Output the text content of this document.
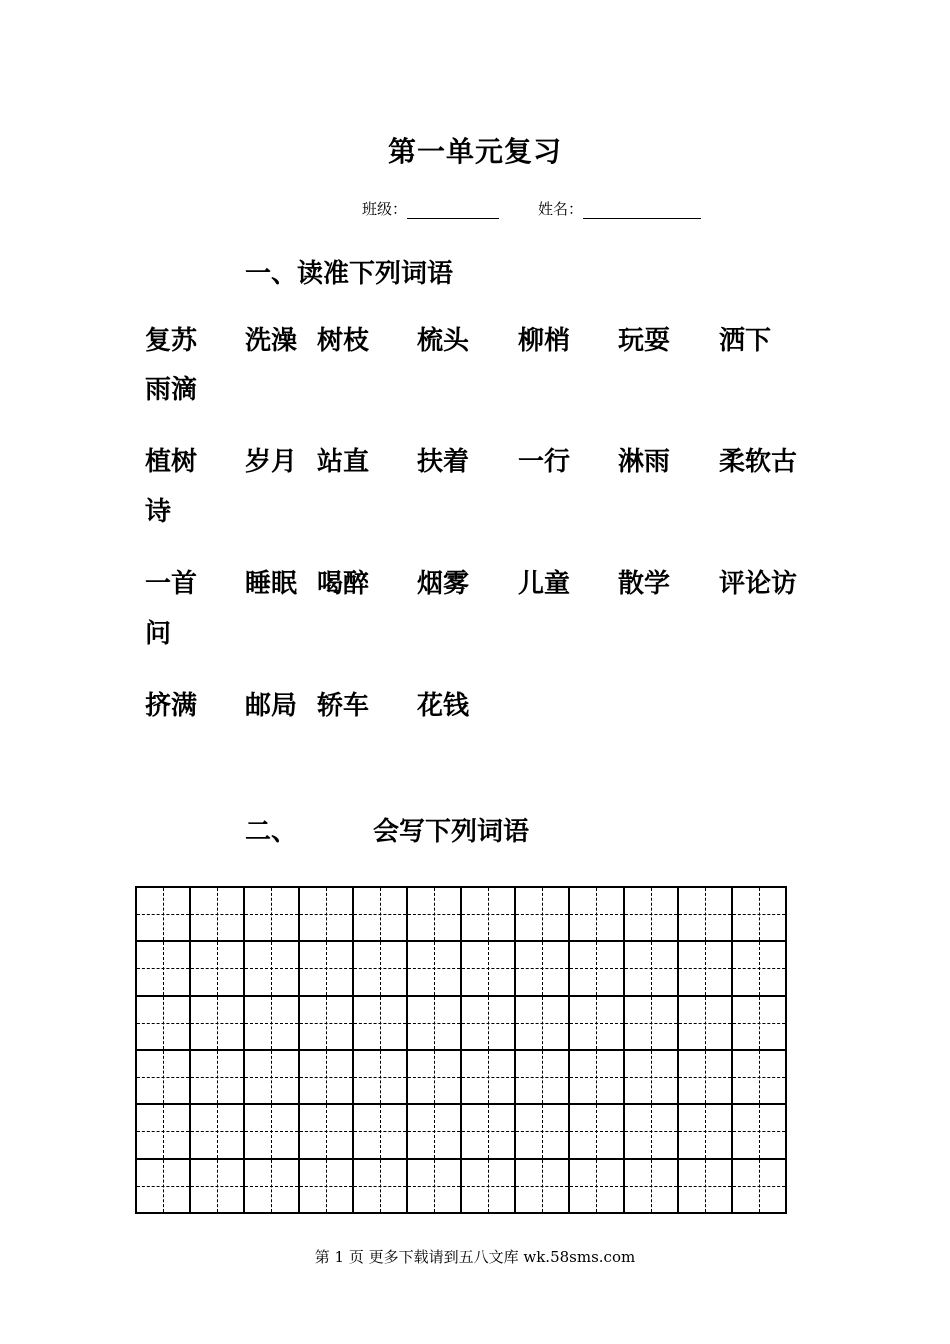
第一单元复习
班级：	姓名：
一、读准下列词语
复苏 洗澡 树枝 梳头 柳梢 玩耍 洒下
雨滴
植树 岁月 站直 扶着 一行 淋雨 柔软古
诗
一首 睡眠 喝醉 烟雾 儿童 散学 评论访
问
挤满 邮局 轿车 花钱
二、	会写下列词语
第 1 页 更多下载请到五八文库 wk.58sms.com
